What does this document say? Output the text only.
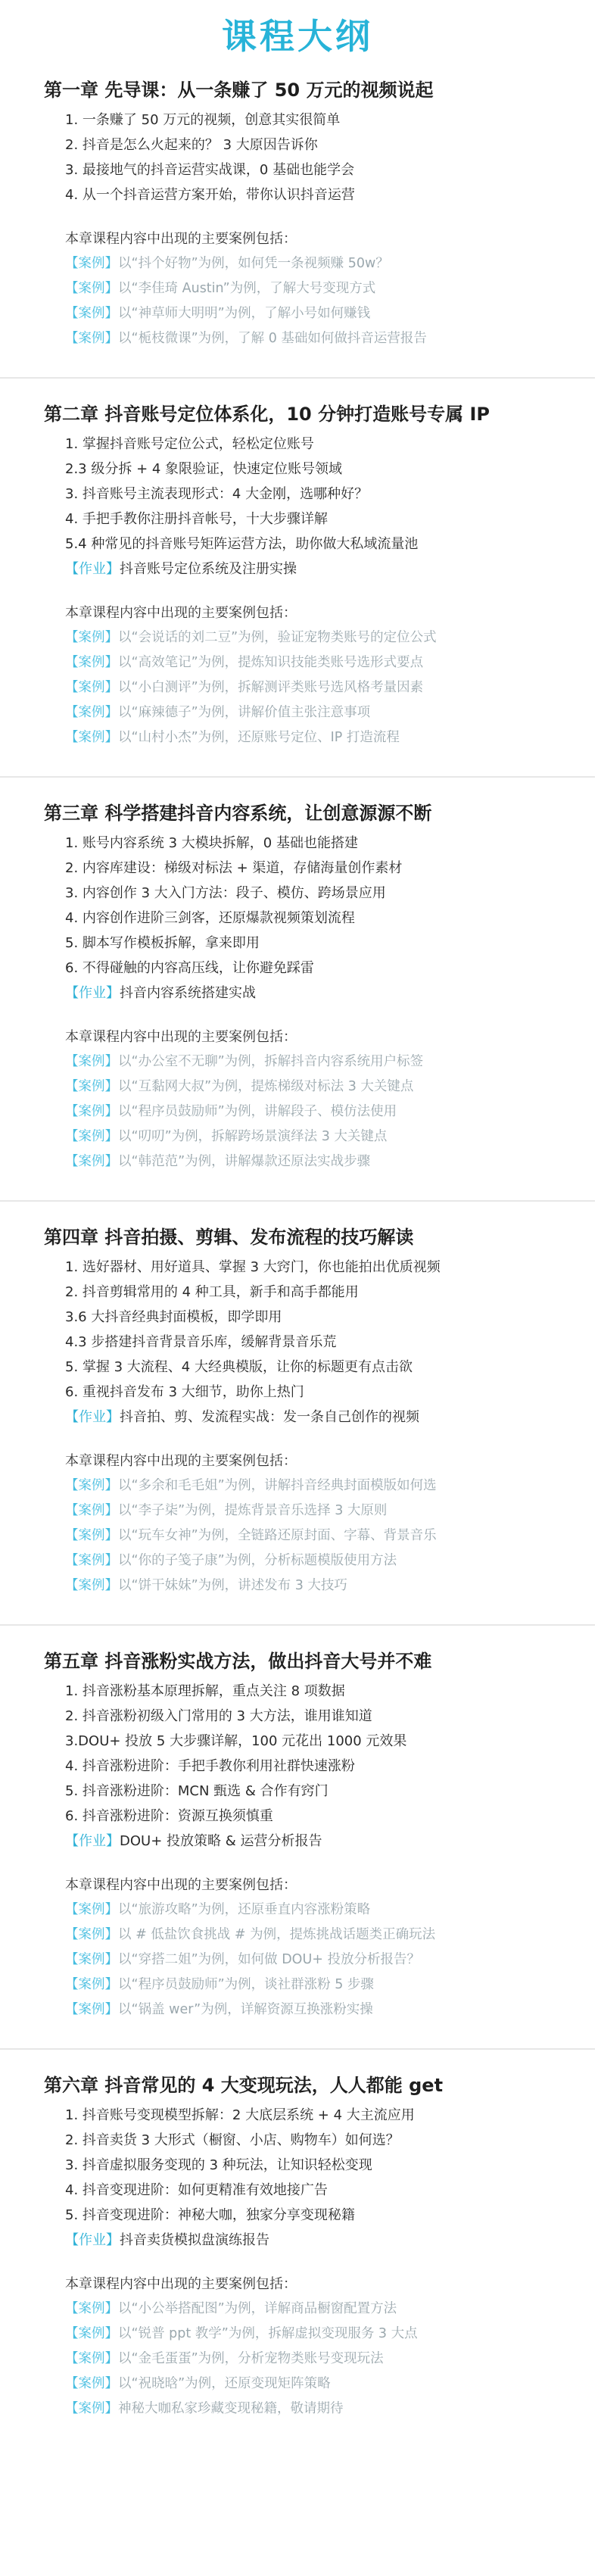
课程大纲
第一章 先导课：从一条赚了 50 万元的视频说起
1. 一条赚了 50 万元的视频，创意其实很简单
2. 抖音是怎么火起来的？ 3 大原因告诉你
3. 最接地气的抖音运营实战课，0 基础也能学会
4. 从一个抖音运营方案开始，带你认识抖音运营
本章课程内容中出现的主要案例包括：
【案例】以“抖个好物”为例，如何凭一条视频赚 50w？
【案例】以“李佳琦 Austin”为例，了解大号变现方式
【案例】以“神草师大明明”为例，了解小号如何赚钱
【案例】以“栀枝微课”为例，了解 0 基础如何做抖音运营报告
第二章 抖音账号定位体系化，10 分钟打造账号专属 IP
1. 掌握抖音账号定位公式，轻松定位账号
2.3 级分拆 + 4 象限验证，快速定位账号领域
3. 抖音账号主流表现形式：4 大金刚，选哪种好？
4. 手把手教你注册抖音帐号，十大步骤详解
5.4 种常见的抖音账号矩阵运营方法，助你做大私域流量池
【作业】抖音账号定位系统及注册实操
本章课程内容中出现的主要案例包括：
【案例】以“会说话的刘二豆”为例，验证宠物类账号的定位公式
【案例】以“高效笔记”为例，提炼知识技能类账号选形式要点
【案例】以“小白测评”为例，拆解测评类账号选风格考量因素
【案例】以“麻辣德子”为例，讲解价值主张注意事项
【案例】以“山村小杰”为例，还原账号定位、IP 打造流程
第三章 科学搭建抖音内容系统，让创意源源不断
1. 账号内容系统 3 大模块拆解，0 基础也能搭建
2. 内容库建设：梯级对标法 + 渠道，存储海量创作素材
3. 内容创作 3 大入门方法：段子、模仿、跨场景应用
4. 内容创作进阶三剑客，还原爆款视频策划流程
5. 脚本写作模板拆解，拿来即用
6. 不得碰触的内容高压线，让你避免踩雷
【作业】抖音内容系统搭建实战
本章课程内容中出现的主要案例包括：
【案例】以“办公室不无聊”为例，拆解抖音内容系统用户标签
【案例】以“互黏网大叔”为例，提炼梯级对标法 3 大关键点
【案例】以“程序员鼓励师”为例，讲解段子、模仿法使用
【案例】以“叨叨”为例，拆解跨场景演绎法 3 大关键点
【案例】以“韩范范”为例，讲解爆款还原法实战步骤
第四章 抖音拍摄、剪辑、发布流程的技巧解读
1. 选好器材、用好道具、掌握 3 大窍门，你也能拍出优质视频
2. 抖音剪辑常用的 4 种工具，新手和高手都能用
3.6 大抖音经典封面模板，即学即用
4.3 步搭建抖音背景音乐库，缓解背景音乐荒
5. 掌握 3 大流程、4 大经典模版，让你的标题更有点击欲
6. 重视抖音发布 3 大细节，助你上热门
【作业】抖音拍、剪、发流程实战：发一条自己创作的视频
本章课程内容中出现的主要案例包括：
【案例】以“多余和毛毛姐”为例，讲解抖音经典封面模版如何选
【案例】以“李子柒”为例，提炼背景音乐选择 3 大原则
【案例】以“玩车女神”为例，全链路还原封面、字幕、背景音乐
【案例】以“你的子笺子康”为例，分析标题模版使用方法
【案例】以“饼干妹妹”为例，讲述发布 3 大技巧
第五章 抖音涨粉实战方法，做出抖音大号并不难
1. 抖音涨粉基本原理拆解，重点关注 8 项数据
2. 抖音涨粉初级入门常用的 3 大方法，谁用谁知道
3.DOU+ 投放 5 大步骤详解，100 元花出 1000 元效果
4. 抖音涨粉进阶：手把手教你利用社群快速涨粉
5. 抖音涨粉进阶：MCN 甄选 & 合作有窍门
6. 抖音涨粉进阶：资源互换须慎重
【作业】DOU+ 投放策略 & 运营分析报告
本章课程内容中出现的主要案例包括：
【案例】以“旅游攻略”为例，还原垂直内容涨粉策略
【案例】以 # 低盐饮食挑战 # 为例，提炼挑战话题类正确玩法
【案例】以“穿搭二姐”为例，如何做 DOU+ 投放分析报告？
【案例】以“程序员鼓励师”为例，谈社群涨粉 5 步骤
【案例】以“锅盖 wer”为例，详解资源互换涨粉实操
第六章 抖音常见的 4 大变现玩法，人人都能 get
1. 抖音账号变现模型拆解：2 大底层系统 + 4 大主流应用
2. 抖音卖货 3 大形式（橱窗、小店、购物车）如何选？
3. 抖音虚拟服务变现的 3 种玩法，让知识轻松变现
4. 抖音变现进阶：如何更精准有效地接广告
5. 抖音变现进阶：神秘大咖，独家分享变现秘籍
【作业】抖音卖货模拟盘演练报告
本章课程内容中出现的主要案例包括：
【案例】以“小公举搭配图”为例，详解商品橱窗配置方法
【案例】以“锐普 ppt 教学”为例，拆解虚拟变现服务 3 大点
【案例】以“金毛蛋蛋”为例，分析宠物类账号变现玩法
【案例】以“祝晓晗”为例，还原变现矩阵策略
【案例】神秘大咖私家珍藏变现秘籍，敬请期待
